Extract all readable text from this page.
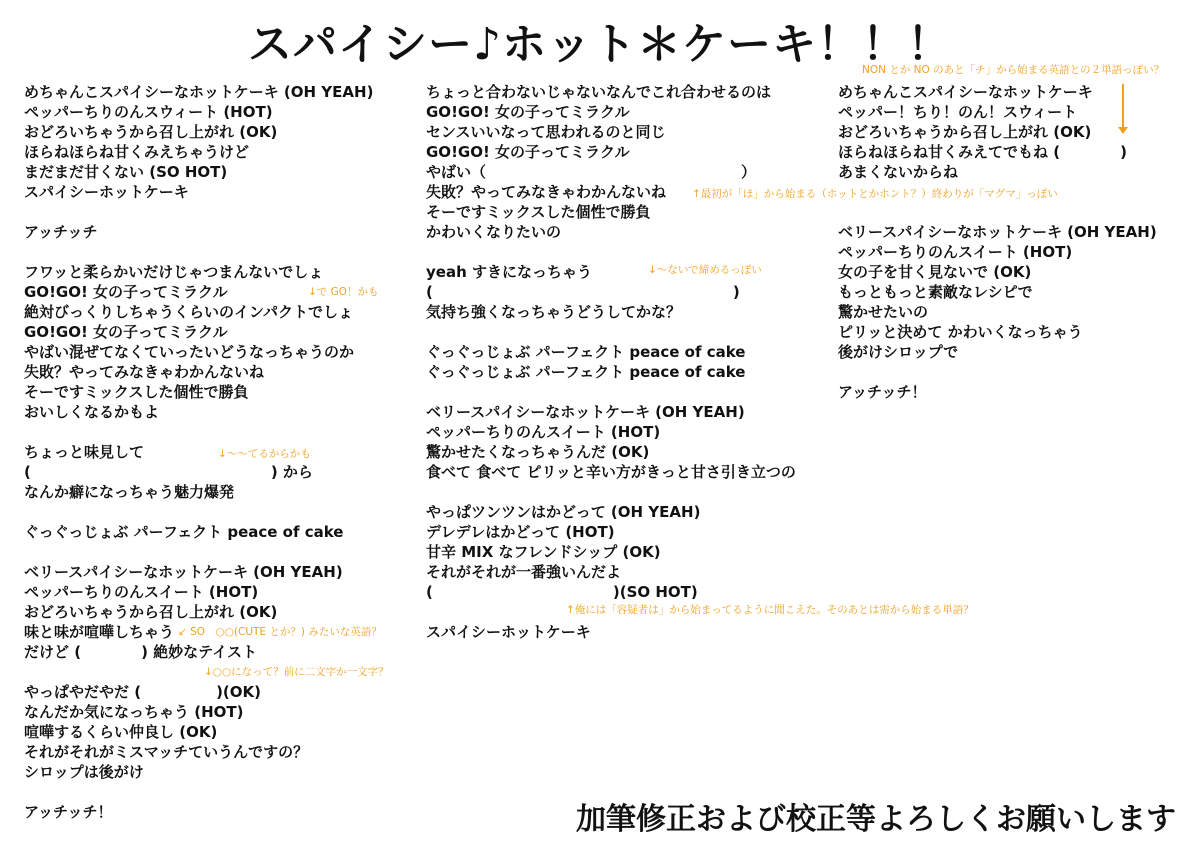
スパイシー♪ホット＊ケーキ！！！
めちゃんこスパイシーなホットケーキ (OH YEAH)
ペッパーちりのんスウィート (HOT)
おどろいちゃうから召し上がれ (OK)
ほらねほらね甘くみえちゃうけど
まだまだ甘くない (SO HOT)
スパイシーホットケーキ
アッチッチ
フワッと柔らかいだけじゃつまんないでしょ
GO!GO! 女の子ってミラクル
絶対びっくりしちゃうくらいのインパクトでしょ
GO!GO! 女の子ってミラクル
やばい混ぜてなくていったいどうなっちゃうのか
失敗？やってみなきゃわかんないね
そーですミックスした個性で勝負
おいしくなるかもよ
ちょっと味見して
(　　　　　　　　　　　　　　　　) から
なんか癖になっちゃう魅力爆発
ぐっぐっじょぶ パーフェクト peace of cake
ベリースパイシーなホットケーキ (OH YEAH)
ペッパーちりのんスイート (HOT)
おどろいちゃうから召し上がれ (OK)
味と味が喧嘩しちゃう
だけど (　　　　) 絶妙なテイスト
やっぱやだやだ (　　　　　)(OK)
なんだか気になっちゃう (HOT)
喧嘩するくらい仲良し (OK)
それがそれがミスマッチていうんですの？
シロップは後がけ
アッチッチ！
ちょっと合わないじゃないなんでこれ合わせるのは
GO!GO! 女の子ってミラクル
センスいいなって思われるのと同じ
GO!GO! 女の子ってミラクル
やばい（　　　　　　　　　　　　　　　　　）
失敗？やってみなきゃわかんないね
そーですミックスした個性で勝負
かわいくなりたいの
yeah すきになっちゃう
(　　　　　　　　　　　　　　　　　　　　)
気持ち強くなっちゃうどうしてかな？
ぐっぐっじょぶ パーフェクト peace of cake
ぐっぐっじょぶ パーフェクト peace of cake
ベリースパイシーなホットケーキ (OH YEAH)
ペッパーちりのんスイート (HOT)
驚かせたくなっちゃうんだ (OK)
食べて 食べて ピリッと辛い方がきっと甘さ引き立つの
やっぱツンツンはかどって (OH YEAH)
デレデレはかどって (HOT)
甘辛 MIX なフレンドシップ (OK)
それがそれが一番強いんだよ
(　　　　　　　　　　　　)(SO HOT)
スパイシーホットケーキ
めちゃんこスパイシーなホットケーキ
ペッパー！ちり！のん！スウィート
おどろいちゃうから召し上がれ (OK)
ほらねほらね甘くみえてでもね (　　　　)
あまくないからね
ベリースパイシーなホットケーキ (OH YEAH)
ペッパーちりのんスイート (HOT)
女の子を甘く見ないで (OK)
もっともっと素敵なレシピで
驚かせたいの
ピリッと決めて かわいくなっちゃう
後がけシロップで
アッチッチ！
NON とか NO のあと「チ」から始まる英語との２単語っぽい？
↓で GO！かも
↑最初が「ほ」から始まる（ホットとかホント？）終わりが「マグマ」っぽい
↓〜ないで締めるっぽい
↓〜〜てるからかも
↑俺には「容疑者は」から始まってるように聞こえた。そのあとは需から始まる単語？
↙ SO　○○(CUTE とか？) みたいな英語？
↓○○になって？前に二文字か一文字？
加筆修正および校正等よろしくお願いします
